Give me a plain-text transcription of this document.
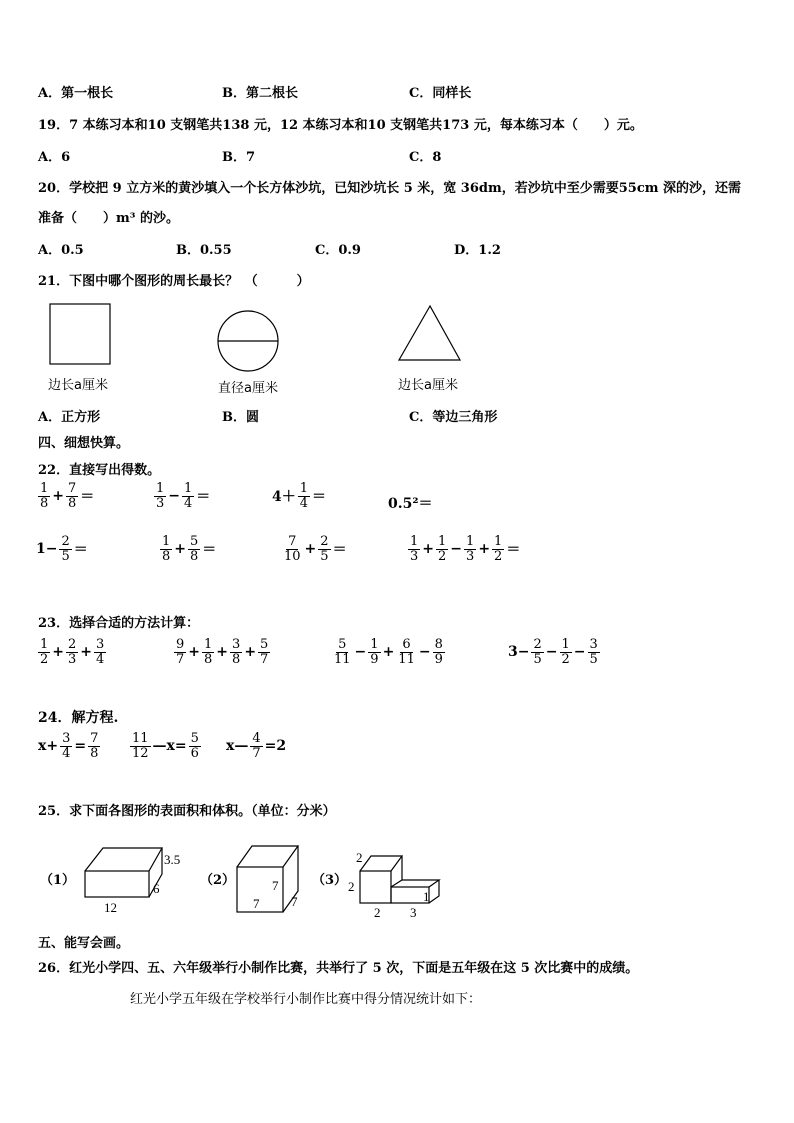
A．第一根长	B．第二根长	C．同样长
19．7 本练习本和10 支钢笔共138 元，12 本练习本和10 支钢笔共173 元，每本练习本（　　）元。
A．6	B．7	C．8
20．学校把 9 立方米的黄沙填入一个长方体沙坑，已知沙坑长 5 米，宽 36dm，若沙坑中至少需要55cm 深的沙，还需
准备（　　）m³ 的沙。
A．0.5	B．0.55	C．0.9	D．1.2
21．下图中哪个图形的周长最长？　（　　　）
边长a厘米	直径a厘米	边长a厘米
A．正方形	B．圆	C．等边三角形
四、细想快算。
22．直接写出得数。
$\frac{1}{8} + \frac{7}{8}$ ＝	$\frac{1}{3} - \frac{1}{4}$ ＝	$4+ \frac{1}{4}$ ＝	0.5²＝
$1- \frac{2}{5}$ ＝	$\frac{1}{8} + \frac{5}{8}$ ＝	$\frac{7}{10} + \frac{2}{5}$ ＝	$\frac{1}{3} + \frac{1}{2} - \frac{1}{3} + \frac{1}{2}$ ＝
23．选择合适的方法计算：
$\frac{1}{2} + \frac{2}{3} + \frac{3}{4}$	$\frac{9}{7} + \frac{1}{8} + \frac{3}{8} + \frac{5}{7}$	$\frac{5}{11} - \frac{1}{9} + \frac{6}{11} - \frac{8}{9}$	$3- \frac{2}{5} - \frac{1}{2} - \frac{3}{5}$
24．解方程.
$x+ \frac{3}{4} = \frac{7}{8} \frac{11}{12}$ —x= $\frac{5}{6}$ x— $\frac{4}{7} =2$
25．求下面各图形的表面积和体积。（单位：分米）
（1）	（2）	（3）
3.5
6
12
7
7 7
2
2
2 3
1
五、能写会画。
26．红光小学四、五、六年级举行小制作比赛，共举行了 5 次，下面是五年级在这 5 次比赛中的成绩。
红光小学五年级在学校举行小制作比赛中得分情况统计如下：
